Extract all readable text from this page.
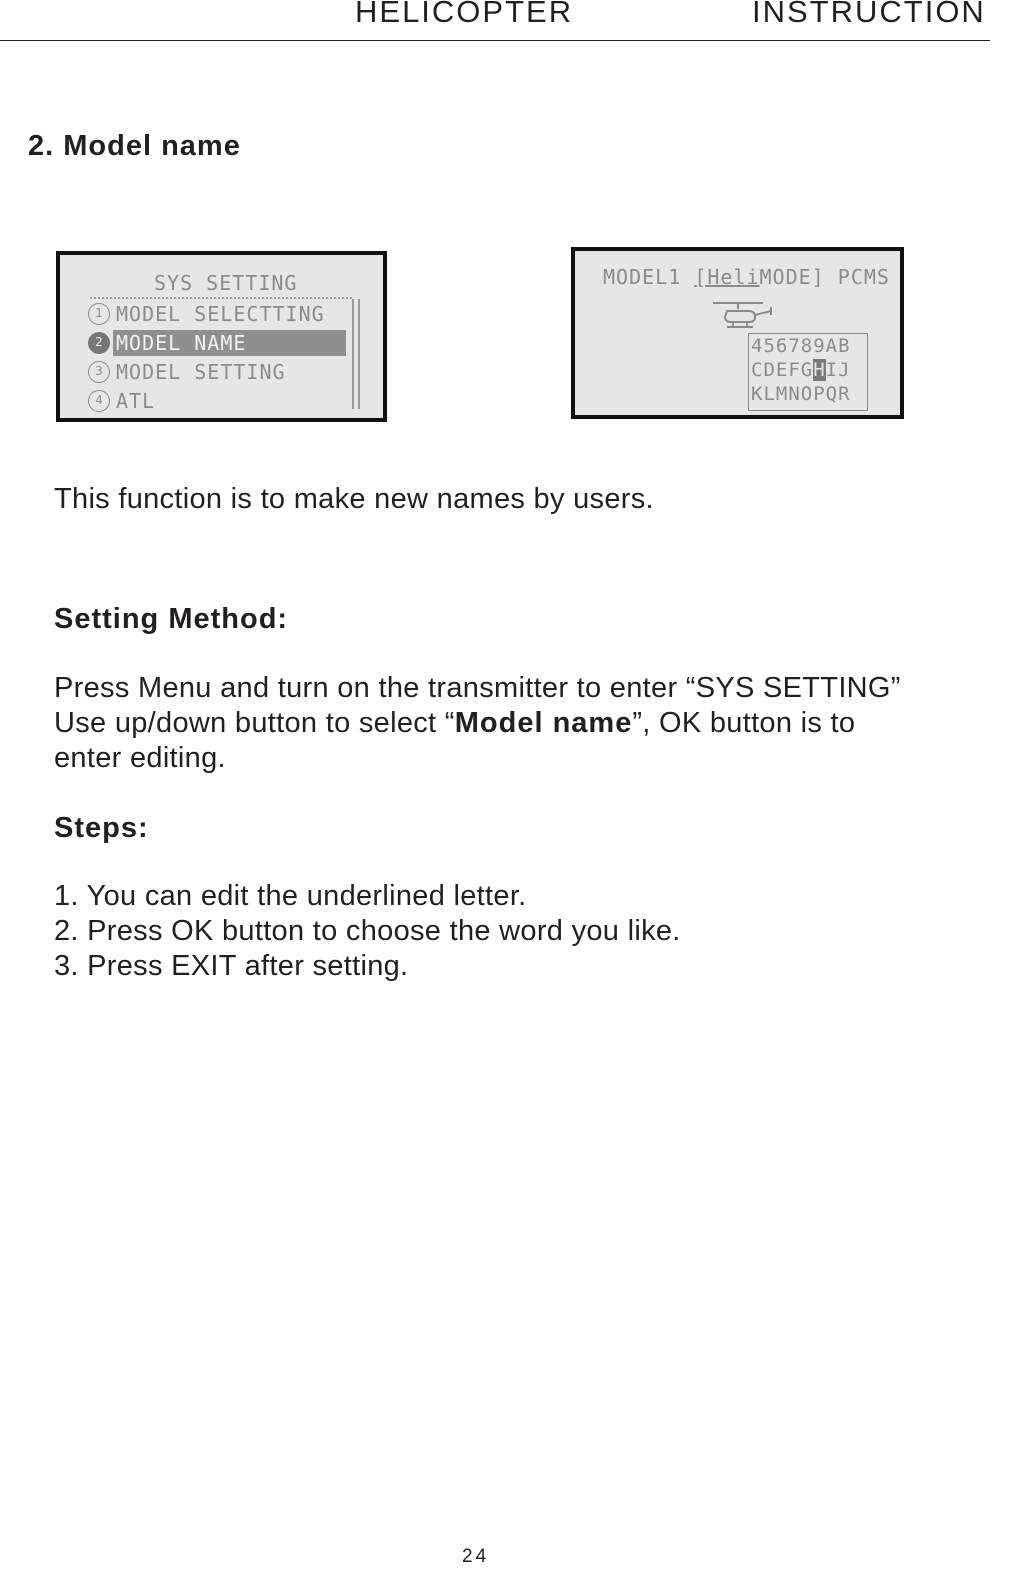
HELICOPTER	INSTRUCTION
2. Model name
SYS SETTING
1 MODEL SELECTTING
2 MODEL NAME
3 MODEL SETTING
4 ATL
MODEL1 [HeliMODE] PCMS
456789AB
CDEFGHIJ
KLMNOPQR
This function is to make new names by users.
Setting Method:
Press Menu and turn on the transmitter to enter “SYS SETTING”
Use up/down button to select “Model name”, OK button is to
enter editing.
Steps:
1. You can edit the underlined letter.
2. Press OK button to choose the word you like.
3. Press EXIT after setting.
24
